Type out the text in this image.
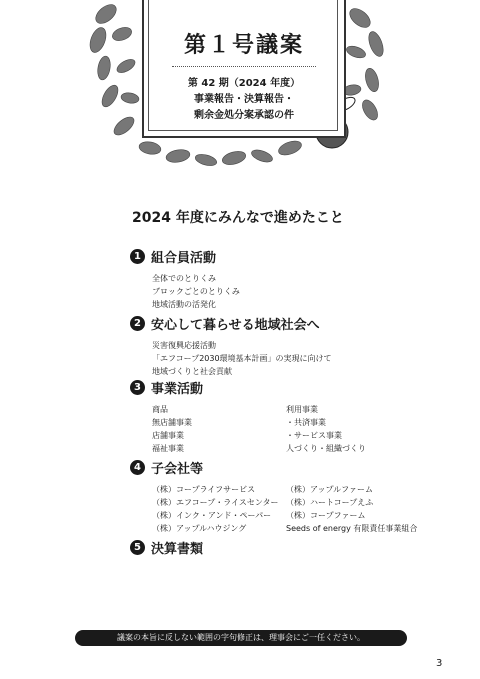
第１号議案
第 42 期（2024 年度）
事業報告・決算報告・
剰余金処分案承認の件
2024 年度にみんなで進めたこと
1 組合員活動
全体でのとりくみ
ブロックごとのとりくみ
地域活動の活発化
2 安心して暮らせる地域社会へ
災害復興応援活動
「エフコープ2030環境基本計画」の実現に向けて
地域づくりと社会貢献
3 事業活動
商品
無店舗事業
店舗事業
福祉事業
利用事業
・共済事業
・サービス事業
人づくり・組織づくり
4 子会社等
（株）コープライフサービス
（株）エフコープ・ライスセンター
（株）インク・アンド・ペーパー
（株）アップルハウジング
（株）アップルファーム
（株）ハートコープえふ
（株）コープファーム
Seeds of energy 有限責任事業組合
5 決算書類
議案の本旨に反しない範囲の字句修正は、理事会にご一任ください。
3
